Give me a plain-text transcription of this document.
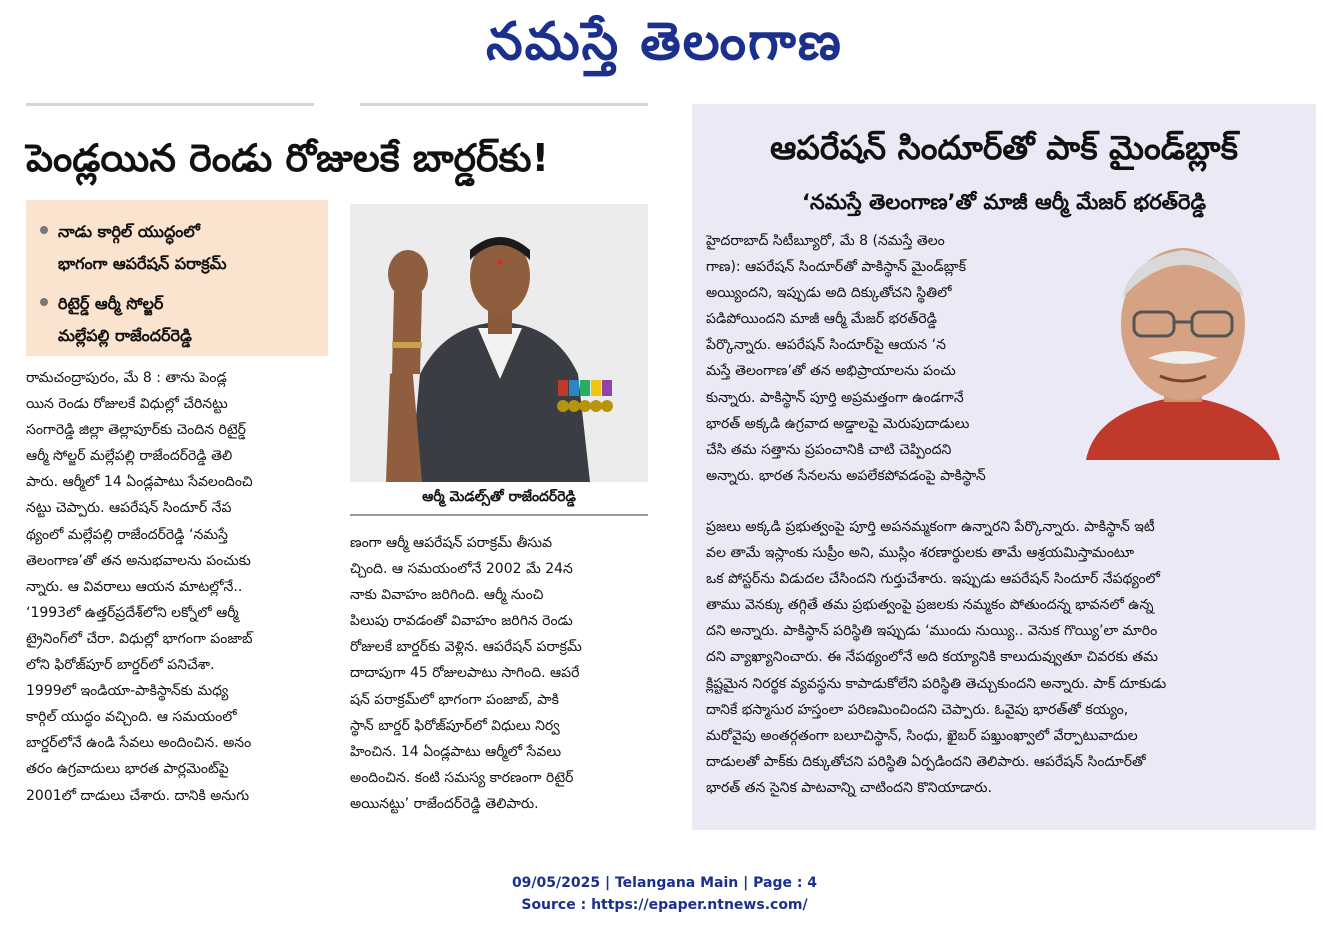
నమస్తే తెలంగాణ
పెండ్లయిన రెండు రోజులకే బార్డర్‌కు!
నాడు కార్గిల్ యుద్ధంలో
భాగంగా ఆపరేషన్ పరాక్రమ్
రిటైర్డ్ ఆర్మీ సోల్జర్
మల్లేపల్లి రాజేందర్‌రెడ్డి
ఆర్మీ మెడల్స్‌తో రాజేందర్‌రెడ్డి
రామచంద్రాపురం, మే 8 : తాను పెండ్ల
యిన రెండు రోజులకే విధుల్లో చేరినట్టు
సంగారెడ్డి జిల్లా తెల్లాపూర్‌కు చెందిన రిటైర్డ్
ఆర్మీ సోల్జర్ మల్లేపల్లి రాజేందర్‌రెడ్డి తెలి
పారు. ఆర్మీలో 14 ఏండ్లపాటు సేవలందించి
నట్టు చెప్పారు. ఆపరేషన్ సిందూర్ నేప
థ్యంలో మల్లేపల్లి రాజేందర్‌రెడ్డి ‘నమస్తే
తెలంగాణ’తో తన అనుభవాలను పంచుకు
న్నారు. ఆ వివరాలు ఆయన మాటల్లోనే..
‘1993లో ఉత్తర్‌ప్రదేశ్‌లోని లక్నోలో ఆర్మీ
ట్రైనింగ్‌లో చేరా. విధుల్లో భాగంగా పంజాబ్
లోని ఫిరోజ్‌పూర్ బార్డర్‌లో పనిచేశా.
1999లో ఇండియా-పాకిస్థాన్‌కు మధ్య
కార్గిల్ యుద్ధం వచ్చింది. ఆ సమయంలో
బార్డర్‌లోనే ఉండి సేవలు అందించిన. అనం
తరం ఉగ్రవాదులు భారత పార్లమెంట్‌పై
2001లో దాడులు చేశారు. దానికి అనుగు
ణంగా ఆర్మీ ఆపరేషన్ పరాక్రమ్ తీసువ
చ్చింది. ఆ సమయంలోనే 2002 మే 24న
నాకు వివాహం జరిగింది. ఆర్మీ నుంచి
పిలుపు రావడంతో వివాహం జరిగిన రెండు
రోజులకే బార్డర్‌కు వెళ్లిన. ఆపరేషన్ పరాక్రమ్
దాదాపుగా 45 రోజులపాటు సాగింది. ఆపరే
షన్ పరాక్రమ్‌లో భాగంగా పంజాబ్, పాకి
స్థాన్ బార్డర్ ఫిరోజ్‌పూర్‌లో విధులు నిర్వ
హించిన. 14 ఏండ్లపాటు ఆర్మీలో సేవలు
అందించిన. కంటి సమస్య కారణంగా రిటైర్
అయినట్టు’ రాజేందర్‌రెడ్డి తెలిపారు.
ఆపరేషన్ సిందూర్‌తో పాక్ మైండ్‌బ్లాక్
‘నమస్తే తెలంగాణ’తో మాజీ ఆర్మీ మేజర్ భరత్‌రెడ్డి
హైదరాబాద్ సిటీబ్యూరో, మే 8 (నమస్తే తెలం
గాణ): ఆపరేషన్ సిందూర్‌తో పాకిస్థాన్ మైండ్‌బ్లాక్
అయ్యిందని, ఇప్పుడు అది దిక్కుతోచని స్థితిలో
పడిపోయిందని మాజీ ఆర్మీ మేజర్ భరత్‌రెడ్డి
పేర్కొన్నారు. ఆపరేషన్ సిందూర్‌పై ఆయన ‘న
మస్తే తెలంగాణ’తో తన అభిప్రాయాలను పంచు
కున్నారు. పాకిస్థాన్ పూర్తి అప్రమత్తంగా ఉండగానే
భారత్ అక్కడి ఉగ్రవాద అడ్డాలపై మెరుపుదాడులు
చేసి తమ సత్తాను ప్రపంచానికి చాటి చెప్పిందని
అన్నారు. భారత సేనలను అపలేకపోవడంపై పాకిస్థాన్
ప్రజలు అక్కడి ప్రభుత్వంపై పూర్తి అపనమ్మకంగా ఉన్నారని పేర్కొన్నారు. పాకిస్థాన్ ఇటీ
వల తామే ఇస్లాంకు సుప్రీం అని, ముస్లిం శరణార్థులకు తామే ఆశ్రయమిస్తామంటూ
ఒక పోస్టర్‌ను విడుదల చేసిందని గుర్తుచేశారు. ఇప్పుడు ఆపరేషన్ సిందూర్ నేపథ్యంలో
తాము వెనక్కు తగ్గితే తమ ప్రభుత్వంపై ప్రజలకు నమ్మకం పోతుందన్న భావనలో ఉన్న
దని అన్నారు. పాకిస్థాన్ పరిస్థితి ఇప్పుడు ‘ముందు నుయ్యి.. వెనుక గొయ్యి’లా మారిం
దని వ్యాఖ్యానించారు. ఈ నేపథ్యంలోనే అది కయ్యానికి కాలుదువ్వుతూ చివరకు తమ
క్లిష్టమైన నిరర్థక వ్యవస్థను కాపాడుకోలేని పరిస్థితి తెచ్చుకుందని అన్నారు. పాక్ దూకుడు
దానికే భస్మాసుర హస్తంలా పరిణమించిందని చెప్పారు. ఓవైపు భారత్‌తో కయ్యం,
మరోవైపు అంతర్గతంగా బలూచిస్థాన్, సింధు, ఖైబర్ పఖ్తుంఖ్వాలో వేర్పాటువాదుల
దాడులతో పాక్‌కు దిక్కుతోచని పరిస్థితి ఏర్పడిందని తెలిపారు. ఆపరేషన్ సిందూర్‌తో
భారత్ తన సైనిక పాటవాన్ని చాటిందని కొనియాడారు.
09/05/2025 | Telangana Main | Page : 4
Source : https://epaper.ntnews.com/
